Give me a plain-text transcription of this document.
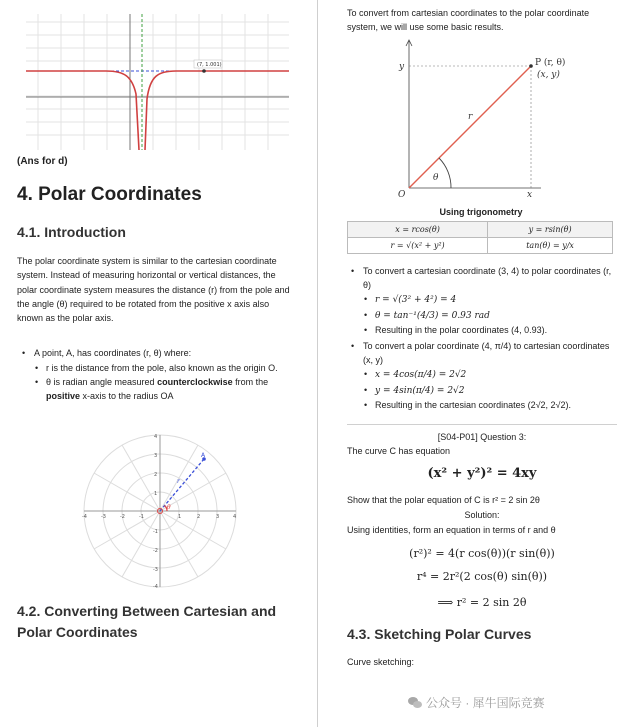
(7, 1.001)
(Ans for d)
4. Polar Coordinates
4.1. Introduction
The polar coordinate system is similar to the cartesian coordinate system. Instead of measuring horizontal or vertical distances, the polar coordinate system measures the distance (r) from the pole and the angle (θ) required to be rotated from the positive x axis also known as the polar axis.
• A point, A, has coordinates (r, θ) where:
• r is the distance from the pole, also known as the origin O.
• θ is radian angle measured counterclockwise from the positive x-axis to the radius OA
-4	-3	-2	-1	1	2	3	4
4
3
2
1
-1
-2
-3
-4
A
r
θ
4.2. Converting Between Cartesian and Polar Coordinates
To convert from cartesian coordinates to the polar coordinate system, we will use some basic results.
P (r, θ)
(x, y)
y
r
θ
O	x
Using trigonometry
x = rcos(θ)	y = rsin(θ)
r = √(x² + y²)	tan(θ) = y/x
• To convert a cartesian coordinate (3, 4) to polar coordinates (r, θ)
• r = √(3² + 4²) = 4
• θ = tan⁻¹(4/3) = 0.93 rad
• Resulting in the polar coordinates (4, 0.93).
• To convert a polar coordinate (4, π/4) to cartesian coordinates (x, y)
• x = 4cos(π/4) = 2√2
• y = 4sin(π/4) = 2√2
• Resulting in the cartesian coordinates (2√2, 2√2).
[S04-P01] Question 3:
The curve C has equation
(x² + y²)² = 4xy
Show that the polar equation of C is r² = 2 sin 2θ
Solution:
Using identities, form an equation in terms of r and θ
(r²)² = 4(r cos(θ))(r sin(θ))
r⁴ = 2r²(2 cos(θ) sin(θ))
⟹ r² = 2 sin 2θ
4.3. Sketching Polar Curves
Curve sketching:
公众号 · 犀牛国际竞赛
